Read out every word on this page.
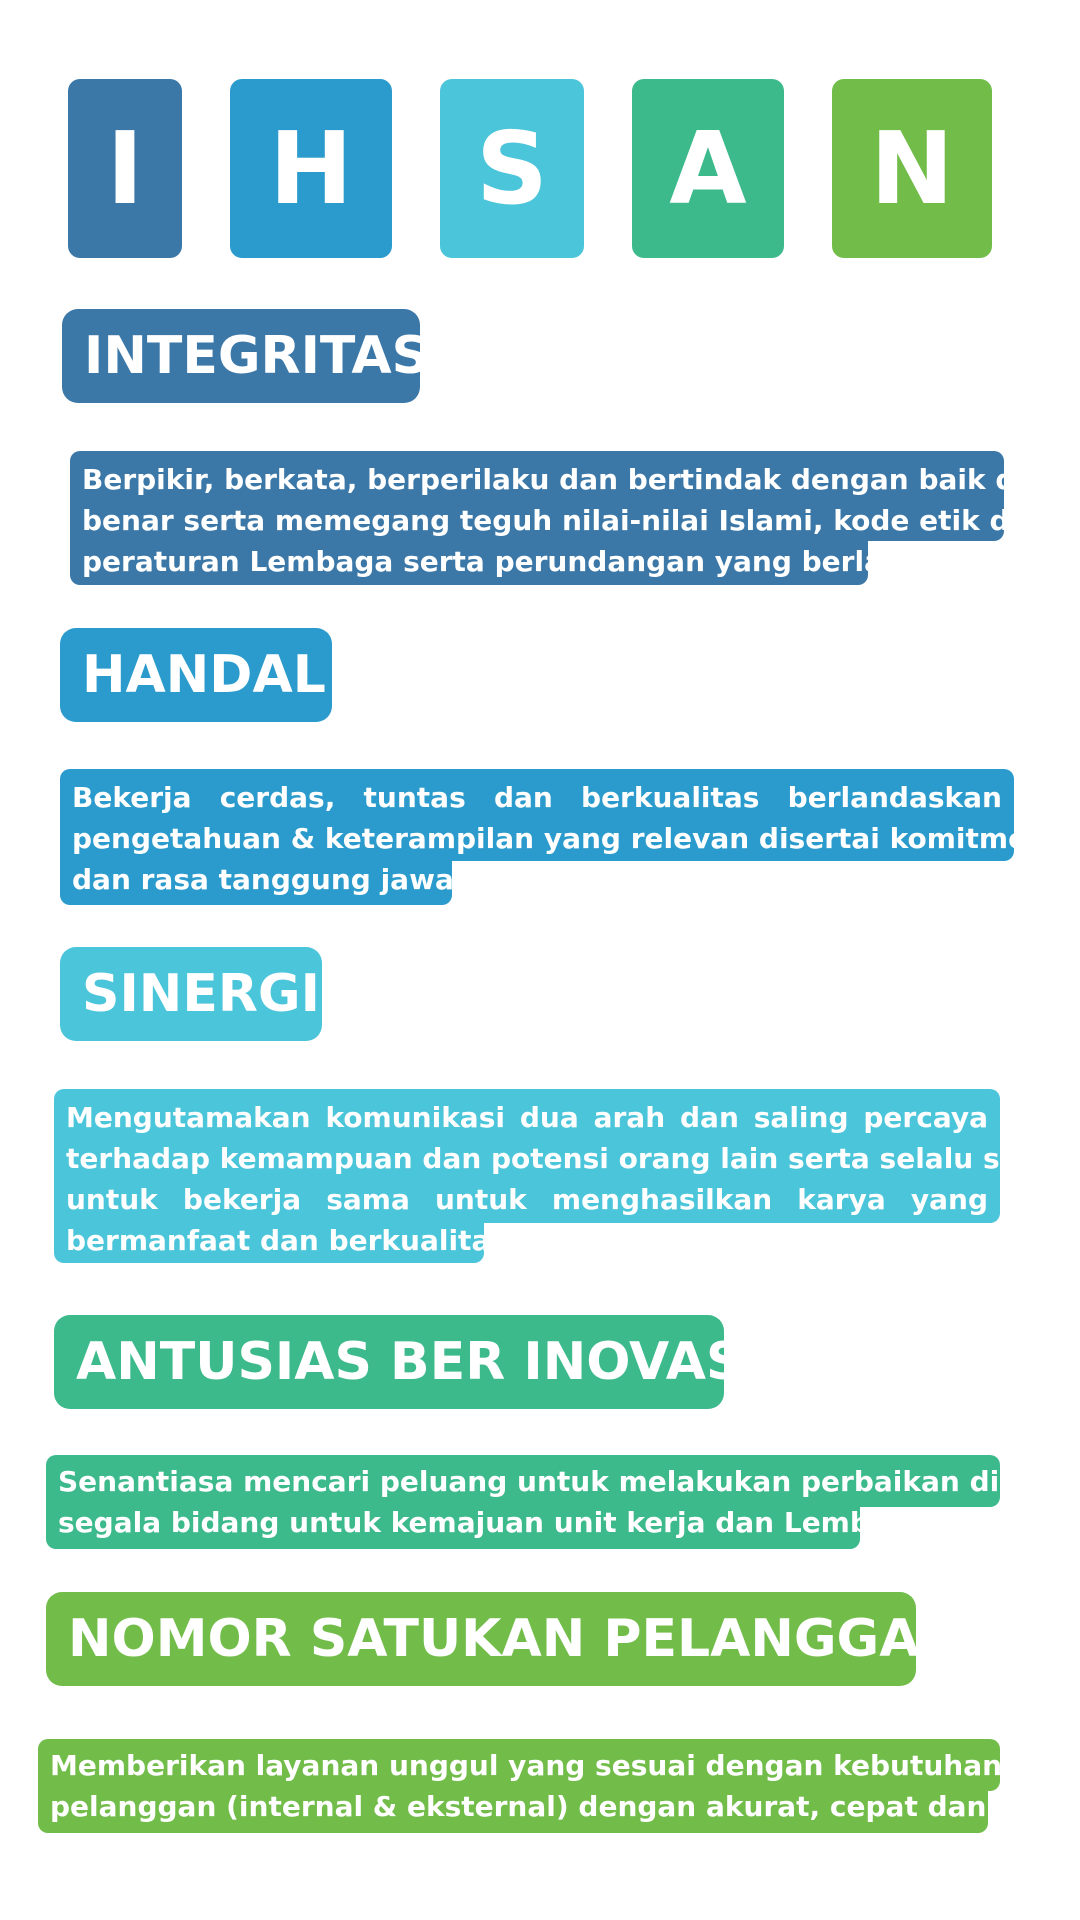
I H S A N
INTEGRITAS
Berpikir, berkata, berperilaku dan bertindak dengan baik dan
benar serta memegang teguh nilai-nilai Islami, kode etik dan
peraturan Lembaga serta perundangan yang berlaku.
HANDAL
Bekerja cerdas, tuntas dan berkualitas berlandaskan
pengetahuan & keterampilan yang relevan disertai komitmen
dan rasa tanggung jawab.
SINERGI
Mengutamakan komunikasi dua arah dan saling percaya
terhadap kemampuan dan potensi orang lain serta selalu siap
untuk bekerja sama untuk menghasilkan karya yang
bermanfaat dan berkualitas
ANTUSIAS BER INOVASI
Senantiasa mencari peluang untuk melakukan perbaikan di
segala bidang untuk kemajuan unit kerja dan Lembaga
NOMOR SATUKAN PELANGGAN
Memberikan layanan unggul yang sesuai dengan kebutuhan
pelanggan (internal & eksternal) dengan akurat, cepat dan tulus
